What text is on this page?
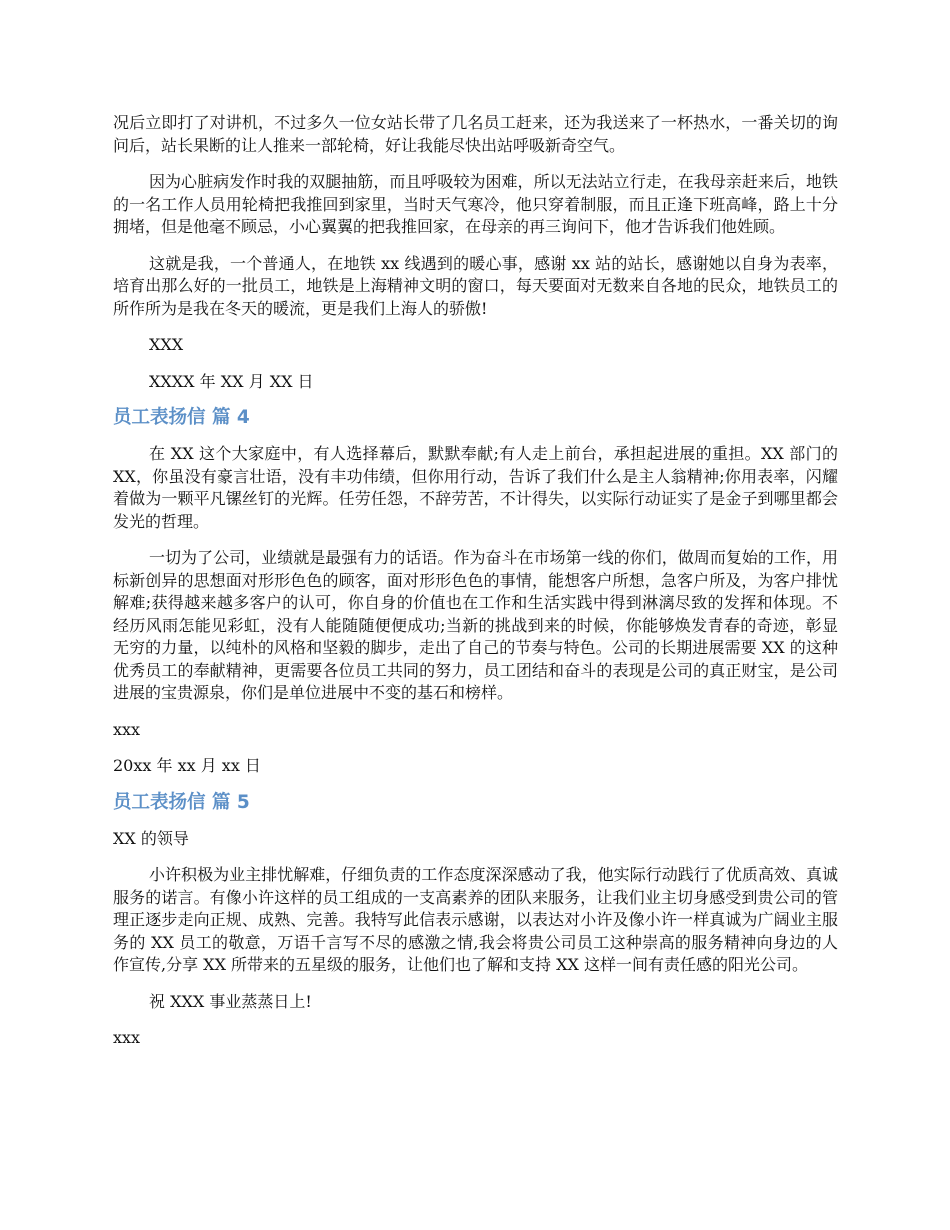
况后立即打了对讲机，不过多久一位女站长带了几名员工赶来，还为我送来了一杯热水，一番关切的询问后，站长果断的让人推来一部轮椅，好让我能尽快出站呼吸新奇空气。

因为心脏病发作时我的双腿抽筋，而且呼吸较为困难，所以无法站立行走，在我母亲赶来后，地铁的一名工作人员用轮椅把我推回到家里，当时天气寒冷，他只穿着制服，而且正逢下班高峰，路上十分拥堵，但是他毫不顾忌，小心翼翼的把我推回家，在母亲的再三询问下，他才告诉我们他姓顾。

这就是我，一个普通人，在地铁 xx 线遇到的暖心事，感谢 xx 站的站长，感谢她以自身为表率，培育出那么好的一批员工，地铁是上海精神文明的窗口，每天要面对无数来自各地的民众，地铁员工的所作所为是我在冬天的暖流，更是我们上海人的骄傲!

XXX

XXXX 年 XX 月 XX 日

员工表扬信 篇 4

在 XX 这个大家庭中，有人选择幕后，默默奉献;有人走上前台，承担起进展的重担。XX 部门的 XX，你虽没有豪言壮语，没有丰功伟绩，但你用行动，告诉了我们什么是主人翁精神;你用表率，闪耀着做为一颗平凡镙丝钉的光辉。任劳任怨，不辞劳苦，不计得失，以实际行动证实了是金子到哪里都会发光的哲理。

一切为了公司，业绩就是最强有力的话语。作为奋斗在市场第一线的你们，做周而复始的工作，用标新创异的思想面对形形色色的顾客，面对形形色色的事情，能想客户所想，急客户所及，为客户排忧解难;获得越来越多客户的认可，你自身的价值也在工作和生活实践中得到淋漓尽致的发挥和体现。不经历风雨怎能见彩虹，没有人能随随便便成功;当新的挑战到来的时候，你能够焕发青春的奇迹，彰显无穷的力量，以纯朴的风格和坚毅的脚步，走出了自己的节奏与特色。公司的长期进展需要 XX 的这种优秀员工的奉献精神，更需要各位员工共同的努力，员工团结和奋斗的表现是公司的真正财宝，是公司进展的宝贵源泉，你们是单位进展中不变的基石和榜样。

xxx

20xx 年 xx 月 xx 日

员工表扬信 篇 5

XX 的领导

小许积极为业主排忧解难，仔细负责的工作态度深深感动了我，他实际行动践行了优质高效、真诚服务的诺言。有像小许这样的员工组成的一支高素养的团队来服务，让我们业主切身感受到贵公司的管理正逐步走向正规、成熟、完善。我特写此信表示感谢，以表达对小许及像小许一样真诚为广阔业主服务的 XX 员工的敬意，万语千言写不尽的感激之情,我会将贵公司员工这种崇高的服务精神向身边的人作宣传,分享 XX 所带来的五星级的服务，让他们也了解和支持 XX 这样一间有责任感的阳光公司。

祝 XXX 事业蒸蒸日上!

xxx
